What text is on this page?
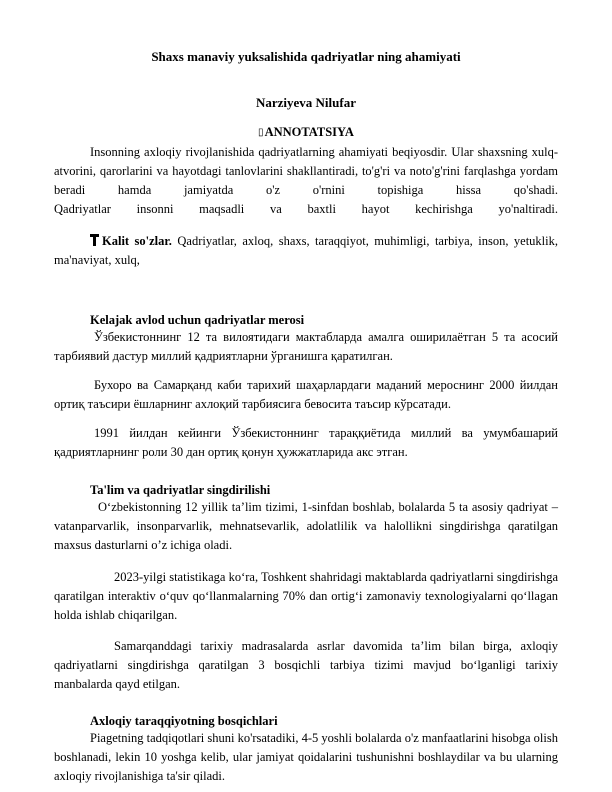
Shaxs manaviy yuksalishida qadriyatlar ning ahamiyati

Narziyeva Nilufar

▯ANNOTATSIYA

Insonning axloqiy rivojlanishida qadriyatlarning ahamiyati beqiyosdir. Ular shaxsning xulq-atvorini, qarorlarini va hayotdagi tanlovlarini shakllantiradi, to'g'ri va noto'g'rini farqlashga yordam beradi hamda jamiyatda o'z o'rnini topishiga hissa qo'shadi.

Qadriyatlar insonni maqsadli va baxtli hayot kechirishga yo'naltiradi.

Kalit so'zlar. Qadriyatlar, axloq, shaxs, taraqqiyot, muhimligi, tarbiya, inson, yetuklik, ma'naviyat, xulq,

Kelajak avlod uchun qadriyatlar merosi

Ўзбекистоннинг 12 та вилоятидаги мактабларда амалга оширилаётган 5 та асосий тарбиявий дастур миллий қадриятларни ўрганишга қаратилган.

Бухоро ва Самарқанд каби тарихий шаҳарлардаги маданий мероснинг 2000 йилдан ортиқ таъсири ёшларнинг ахлоқий тарбиясига бевосита таъсир кўрсатади.

1991 йилдан кейинги Ўзбекистоннинг тараққиётида миллий ва умумбашарий қадриятларнинг роли 30 дан ортиқ қонун ҳужжатларида акс этган.

Ta'lim va qadriyatlar singdirilishi

O‘zbekistonning 12 yillik ta’lim tizimi, 1-sinfdan boshlab, bolalarda 5 ta asosiy qadriyat – vatanparvarlik, insonparvarlik, mehnatsevarlik, adolatlilik va halollikni singdirishga qaratilgan maxsus dasturlarni o’z ichiga oladi.

2023-yilgi statistikaga ko‘ra, Toshkent shahridagi maktablarda qadriyatlarni singdirishga qaratilgan interaktiv o‘quv qo‘llanmalarning 70% dan ortig‘i zamonaviy texnologiyalarni qo‘llagan holda ishlab chiqarilgan.

Samarqanddagi tarixiy madrasalarda asrlar davomida ta’lim bilan birga, axloqiy qadriyatlarni singdirishga qaratilgan 3 bosqichli tarbiya tizimi mavjud bo‘lganligi tarixiy manbalarda qayd etilgan.

Axloqiy taraqqiyotning bosqichlari

Piagetning tadqiqotlari shuni ko'rsatadiki, 4-5 yoshli bolalarda o'z manfaatlarini hisobga olish boshlanadi, lekin 10 yoshga kelib, ular jamiyat qoidalarini tushunishni boshlaydilar va bu ularning axloqiy rivojlanishiga ta'sir qiladi.
